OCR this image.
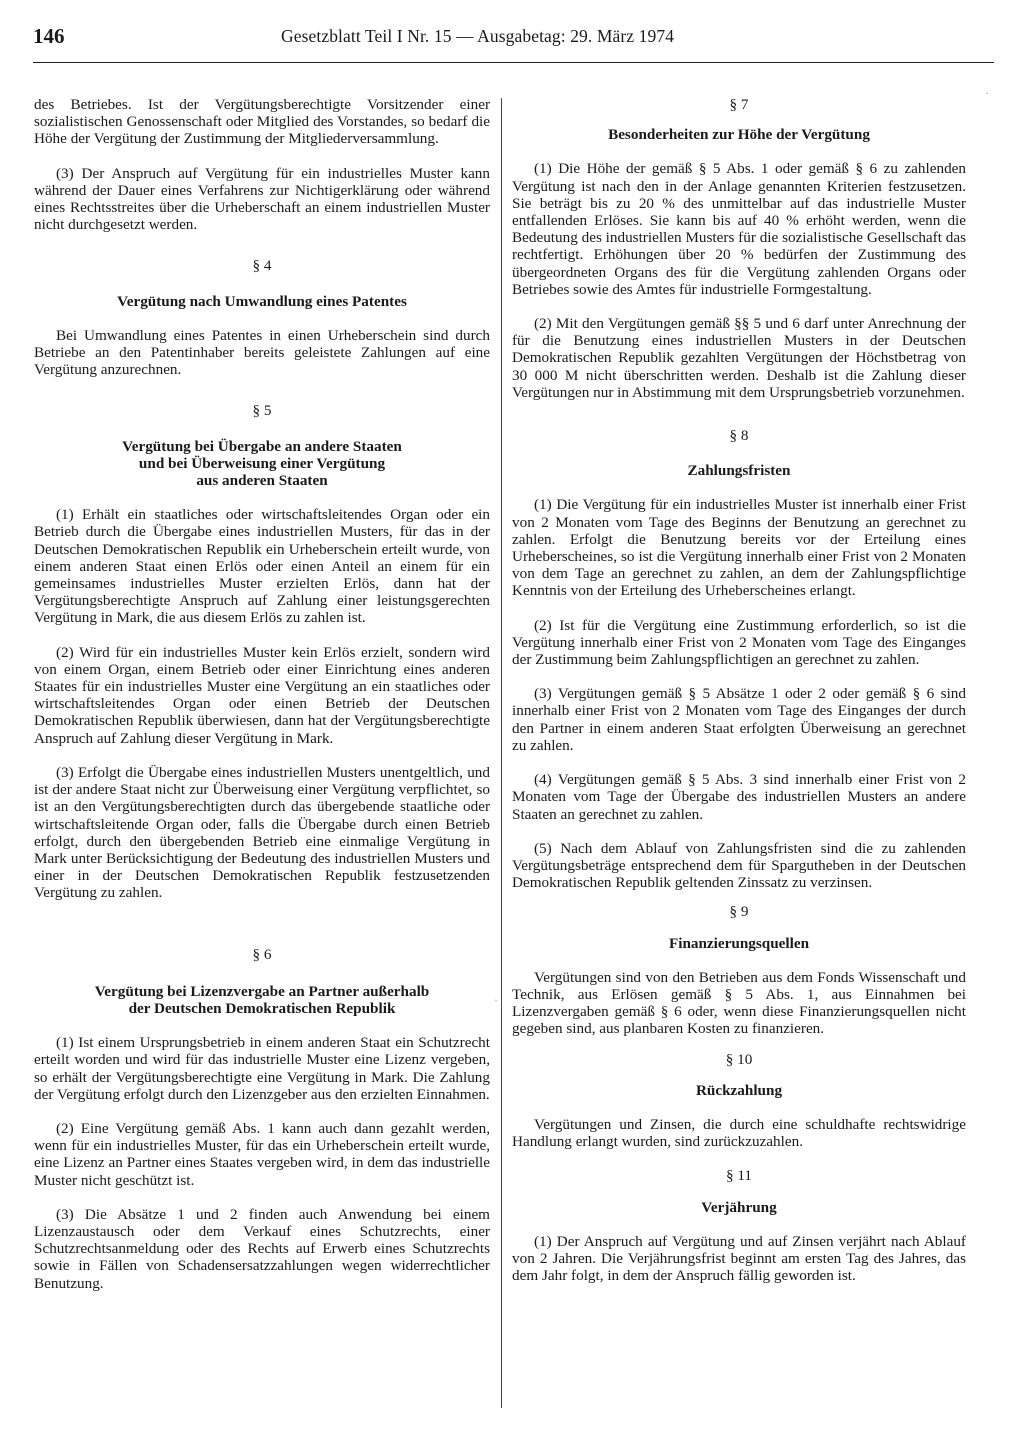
146	Gesetzblatt Teil I Nr. 15 — Ausgabetag: 29. März 1974

des Betriebes. Ist der Vergütungsberechtigte Vorsitzender einer sozialistischen Genossenschaft oder Mitglied des Vorstandes, so bedarf die Höhe der Vergütung der Zustimmung der Mitgliederversammlung.

(3) Der Anspruch auf Vergütung für ein industrielles Muster kann während der Dauer eines Verfahrens zur Nichtigerklärung oder während eines Rechtsstreites über die Urheberschaft an einem industriellen Muster nicht durchgesetzt werden.

§ 4

Vergütung nach Umwandlung eines Patentes

Bei Umwandlung eines Patentes in einen Urheberschein sind durch Betriebe an den Patentinhaber bereits geleistete Zahlungen auf eine Vergütung anzurechnen.

§ 5

Vergütung bei Übergabe an andere Staaten
und bei Überweisung einer Vergütung
aus anderen Staaten

(1) Erhält ein staatliches oder wirtschaftsleitendes Organ oder ein Betrieb durch die Übergabe eines industriellen Musters, für das in der Deutschen Demokratischen Republik ein Urheberschein erteilt wurde, von einem anderen Staat einen Erlös oder einen Anteil an einem für ein gemeinsames industrielles Muster erzielten Erlös, dann hat der Vergütungsberechtigte Anspruch auf Zahlung einer leistungsgerechten Vergütung in Mark, die aus diesem Erlös zu zahlen ist.

(2) Wird für ein industrielles Muster kein Erlös erzielt, sondern wird von einem Organ, einem Betrieb oder einer Einrichtung eines anderen Staates für ein industrielles Muster eine Vergütung an ein staatliches oder wirtschaftsleitendes Organ oder einen Betrieb der Deutschen Demokratischen Republik überwiesen, dann hat der Vergütungsberechtigte Anspruch auf Zahlung dieser Vergütung in Mark.

(3) Erfolgt die Übergabe eines industriellen Musters unentgeltlich, und ist der andere Staat nicht zur Überweisung einer Vergütung verpflichtet, so ist an den Vergütungsberechtigten durch das übergebende staatliche oder wirtschaftsleitende Organ oder, falls die Übergabe durch einen Betrieb erfolgt, durch den übergebenden Betrieb eine einmalige Vergütung in Mark unter Berücksichtigung der Bedeutung des industriellen Musters und einer in der Deutschen Demokratischen Republik festzusetzenden Vergütung zu zahlen.

§ 6

Vergütung bei Lizenzvergabe an Partner außerhalb
der Deutschen Demokratischen Republik

(1) Ist einem Ursprungsbetrieb in einem anderen Staat ein Schutzrecht erteilt worden und wird für das industrielle Muster eine Lizenz vergeben, so erhält der Vergütungsberechtigte eine Vergütung in Mark. Die Zahlung der Vergütung erfolgt durch den Lizenzgeber aus den erzielten Einnahmen.

(2) Eine Vergütung gemäß Abs. 1 kann auch dann gezahlt werden, wenn für ein industrielles Muster, für das ein Urheberschein erteilt wurde, eine Lizenz an Partner eines Staates vergeben wird, in dem das industrielle Muster nicht geschützt ist.

(3) Die Absätze 1 und 2 finden auch Anwendung bei einem Lizenzaustausch oder dem Verkauf eines Schutzrechts, einer Schutzrechtsanmeldung oder des Rechts auf Erwerb eines Schutzrechts sowie in Fällen von Schadensersatzzahlungen wegen widerrechtlicher Benutzung.

§ 7

Besonderheiten zur Höhe der Vergütung

(1) Die Höhe der gemäß § 5 Abs. 1 oder gemäß § 6 zu zahlenden Vergütung ist nach den in der Anlage genannten Kriterien festzusetzen. Sie beträgt bis zu 20 % des unmittelbar auf das industrielle Muster entfallenden Erlöses. Sie kann bis auf 40 % erhöht werden, wenn die Bedeutung des industriellen Musters für die sozialistische Gesellschaft das rechtfertigt. Erhöhungen über 20 % bedürfen der Zustimmung des übergeordneten Organs des für die Vergütung zahlenden Organs oder Betriebes sowie des Amtes für industrielle Formgestaltung.

(2) Mit den Vergütungen gemäß §§ 5 und 6 darf unter Anrechnung der für die Benutzung eines industriellen Musters in der Deutschen Demokratischen Republik gezahlten Vergütungen der Höchstbetrag von 30 000 M nicht überschritten werden. Deshalb ist die Zahlung dieser Vergütungen nur in Abstimmung mit dem Ursprungsbetrieb vorzunehmen.

§ 8

Zahlungsfristen

(1) Die Vergütung für ein industrielles Muster ist innerhalb einer Frist von 2 Monaten vom Tage des Beginns der Benutzung an gerechnet zu zahlen. Erfolgt die Benutzung bereits vor der Erteilung eines Urheberscheines, so ist die Vergütung innerhalb einer Frist von 2 Monaten von dem Tage an gerechnet zu zahlen, an dem der Zahlungspflichtige Kenntnis von der Erteilung des Urheberscheines erlangt.

(2) Ist für die Vergütung eine Zustimmung erforderlich, so ist die Vergütung innerhalb einer Frist von 2 Monaten vom Tage des Einganges der Zustimmung beim Zahlungspflichtigen an gerechnet zu zahlen.

(3) Vergütungen gemäß § 5 Absätze 1 oder 2 oder gemäß § 6 sind innerhalb einer Frist von 2 Monaten vom Tage des Einganges der durch den Partner in einem anderen Staat erfolgten Überweisung an gerechnet zu zahlen.

(4) Vergütungen gemäß § 5 Abs. 3 sind innerhalb einer Frist von 2 Monaten vom Tage der Übergabe des industriellen Musters an andere Staaten an gerechnet zu zahlen.

(5) Nach dem Ablauf von Zahlungsfristen sind die zu zahlenden Vergütungsbeträge entsprechend dem für Spargutheben in der Deutschen Demokratischen Republik geltenden Zinssatz zu verzinsen.

§ 9

Finanzierungsquellen

Vergütungen sind von den Betrieben aus dem Fonds Wissenschaft und Technik, aus Erlösen gemäß § 5 Abs. 1, aus Einnahmen bei Lizenzvergaben gemäß § 6 oder, wenn diese Finanzierungsquellen nicht gegeben sind, aus planbaren Kosten zu finanzieren.

§ 10

Rückzahlung

Vergütungen und Zinsen, die durch eine schuldhafte rechtswidrige Handlung erlangt wurden, sind zurückzuzahlen.

§ 11

Verjährung

(1) Der Anspruch auf Vergütung und auf Zinsen verjährt nach Ablauf von 2 Jahren. Die Verjährungsfrist beginnt am ersten Tag des Jahres, das dem Jahr folgt, in dem der Anspruch fällig geworden ist.

·
·
